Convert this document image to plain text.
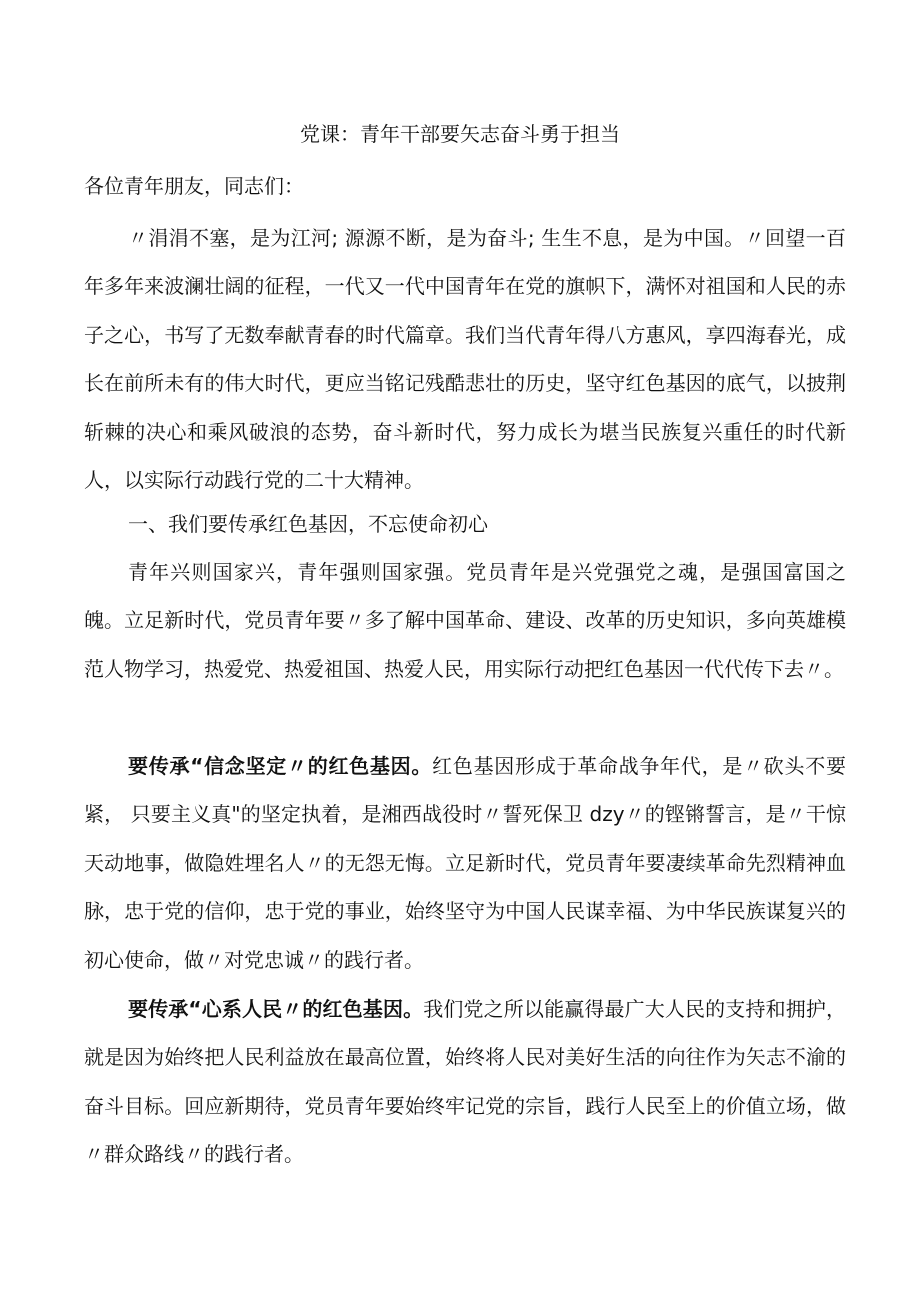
党课：青年干部要矢志奋斗勇于担当
各位青年朋友，同志们：

〃涓涓不塞，是为江河; 源源不断，是为奋斗; 生生不息，是为中国。〃回望一百年多年来波澜壮阔的征程，一代又一代中国青年在党的旗帜下，满怀对祖国和人民的赤子之心，书写了无数奉献青春的时代篇章。我们当代青年得八方惠风，享四海春光，成长在前所未有的伟大时代，更应当铭记残酷悲壮的历史，坚守红色基因的底气，以披荆斩棘的决心和乘风破浪的态势，奋斗新时代，努力成长为堪当民族复兴重任的时代新人，以实际行动践行党的二十大精神。

一、我们要传承红色基因，不忘使命初心

青年兴则国家兴，青年强则国家强。党员青年是兴党强党之魂，是强国富国之魄。立足新时代，党员青年要〃多了解中国革命、建设、改革的历史知识，多向英雄模范人物学习，热爱党、热爱祖国、热爱人民，用实际行动把红色基因一代代传下去〃。

要传承“信念坚定〃的红色基因。红色基因形成于革命战争年代，是〃砍头不要紧， 只要主义真"的坚定执着，是湘西战役时〃誓死保卫 dzy〃的铿锵誓言，是〃干惊天动地事，做隐姓埋名人〃的无怨无悔。立足新时代，党员青年要凄续革命先烈精神血脉，忠于党的信仰，忠于党的事业，始终坚守为中国人民谋幸福、为中华民族谋复兴的初心使命，做〃对党忠诚〃的践行者。

要传承“心系人民〃的红色基因。我们党之所以能赢得最广大人民的支持和拥护，就是因为始终把人民利益放在最高位置，始终将人民对美好生活的向往作为矢志不渝的奋斗目标。回应新期待，党员青年要始终牢记党的宗旨，践行人民至上的价值立场，做〃群众路线〃的践行者。
